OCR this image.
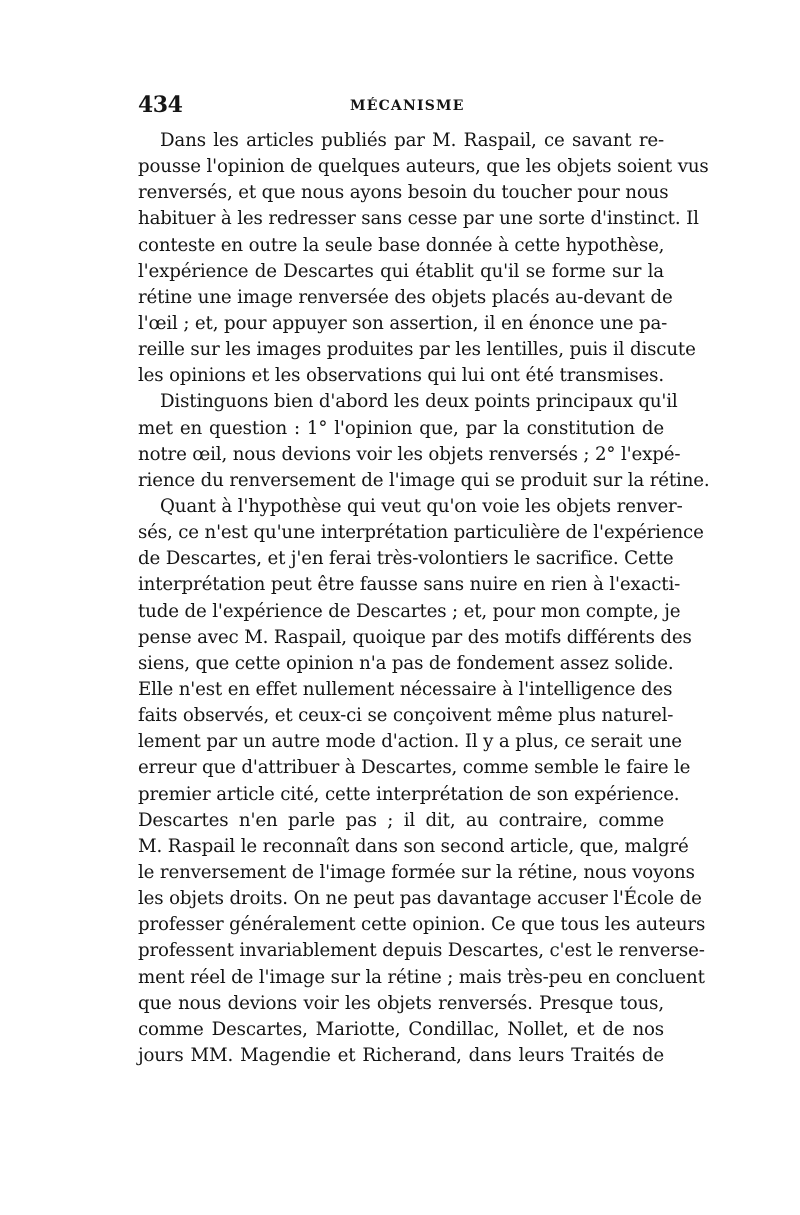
434	MÉCANISME
Dans les articles publiés par M. Raspail, ce savant re-
pousse l'opinion de quelques auteurs, que les objets soient vus
renversés, et que nous ayons besoin du toucher pour nous
habituer à les redresser sans cesse par une sorte d'instinct. Il
conteste en outre la seule base donnée à cette hypothèse,
l'expérience de Descartes qui établit qu'il se forme sur la
rétine une image renversée des objets placés au-devant de
l'œil ; et, pour appuyer son assertion, il en énonce une pa-
reille sur les images produites par les lentilles, puis il discute
les opinions et les observations qui lui ont été transmises.
Distinguons bien d'abord les deux points principaux qu'il
met en question : 1° l'opinion que, par la constitution de
notre œil, nous devions voir les objets renversés ; 2° l'expé-
rience du renversement de l'image qui se produit sur la rétine.
Quant à l'hypothèse qui veut qu'on voie les objets renver-
sés, ce n'est qu'une interprétation particulière de l'expérience
de Descartes, et j'en ferai très-volontiers le sacrifice. Cette
interprétation peut être fausse sans nuire en rien à l'exacti-
tude de l'expérience de Descartes ; et, pour mon compte, je
pense avec M. Raspail, quoique par des motifs différents des
siens, que cette opinion n'a pas de fondement assez solide.
Elle n'est en effet nullement nécessaire à l'intelligence des
faits observés, et ceux-ci se conçoivent même plus naturel-
lement par un autre mode d'action. Il y a plus, ce serait une
erreur que d'attribuer à Descartes, comme semble le faire le
premier article cité, cette interprétation de son expérience.
Descartes n'en parle pas ; il dit, au contraire, comme
M. Raspail le reconnaît dans son second article, que, malgré
le renversement de l'image formée sur la rétine, nous voyons
les objets droits. On ne peut pas davantage accuser l'École de
professer généralement cette opinion. Ce que tous les auteurs
professent invariablement depuis Descartes, c'est le renverse-
ment réel de l'image sur la rétine ; mais très-peu en concluent
que nous devions voir les objets renversés. Presque tous,
comme Descartes, Mariotte, Condillac, Nollet, et de nos
jours MM. Magendie et Richerand, dans leurs Traités de
